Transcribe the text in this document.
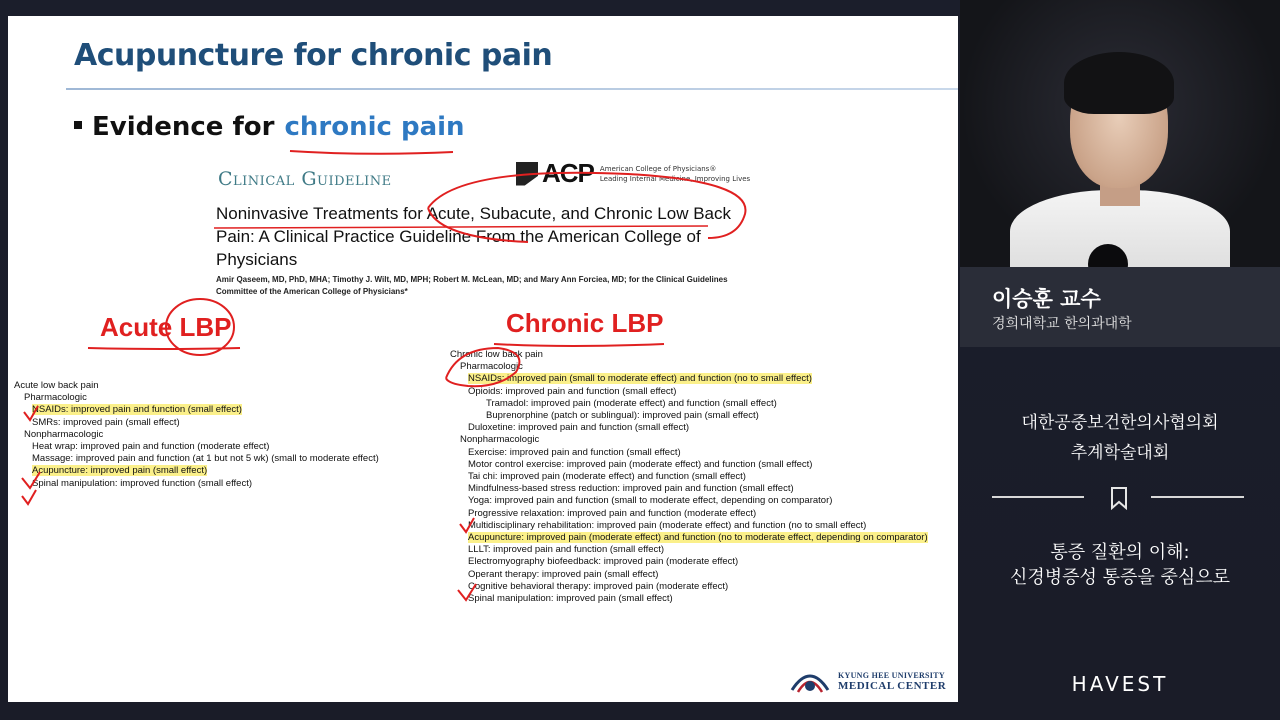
Acupuncture for chronic pain
Evidence for chronic pain
Clinical Guideline	ACP American College of Physicians®
Leading Internal Medicine, Improving Lives
Noninvasive Treatments for Acute, Subacute, and Chronic Low Back Pain: A Clinical Practice Guideline From the American College of Physicians
Amir Qaseem, MD, PhD, MHA; Timothy J. Wilt, MD, MPH; Robert M. McLean, MD; and Mary Ann Forciea, MD; for the Clinical Guidelines Committee of the American College of Physicians*
Acute LBP	Chronic LBP
Acute low back pain
Pharmacologic
NSAIDs: improved pain and function (small effect)
SMRs: improved pain (small effect)
Nonpharmacologic
Heat wrap: improved pain and function (moderate effect)
Massage: improved pain and function (at 1 but not 5 wk) (small to moderate effect)
Acupuncture: improved pain (small effect)
Spinal manipulation: improved function (small effect)
Chronic low back pain
Pharmacologic
NSAIDs: improved pain (small to moderate effect) and function (no to small effect)
Opioids: improved pain and function (small effect)
Tramadol: improved pain (moderate effect) and function (small effect)
Buprenorphine (patch or sublingual): improved pain (small effect)
Duloxetine: improved pain and function (small effect)
Nonpharmacologic
Exercise: improved pain and function (small effect)
Motor control exercise: improved pain (moderate effect) and function (small effect)
Tai chi: improved pain (moderate effect) and function (small effect)
Mindfulness-based stress reduction: improved pain and function (small effect)
Yoga: improved pain and function (small to moderate effect, depending on comparator)
Progressive relaxation: improved pain and function (moderate effect)
Multidisciplinary rehabilitation: improved pain (moderate effect) and function (no to small effect)
Acupuncture: improved pain (moderate effect) and function (no to moderate effect, depending on comparator)
LLLT: improved pain and function (small effect)
Electromyography biofeedback: improved pain (moderate effect)
Operant therapy: improved pain (small effect)
Cognitive behavioral therapy: improved pain (moderate effect)
Spinal manipulation: improved pain (small effect)
KYUNG HEE UNIVERSITY
MEDICAL CENTER
이승훈 교수
경희대학교 한의과대학
대한공중보건한의사협의회
추계학술대회
통증 질환의 이해:
신경병증성 통증을 중심으로
HAVEST
